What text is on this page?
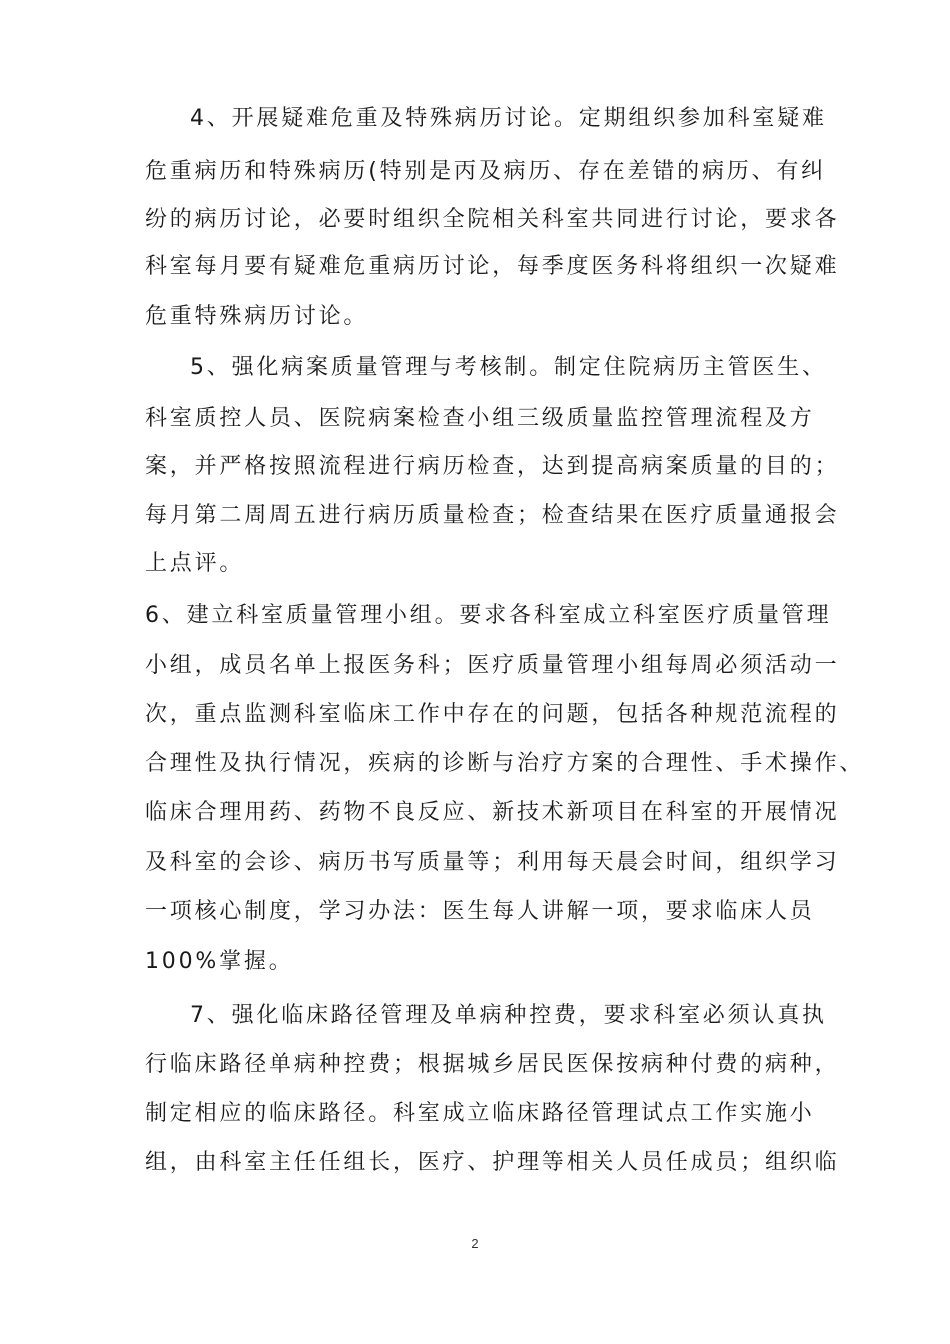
4、开展疑难危重及特殊病历讨论。定期组织参加科室疑难
危重病历和特殊病历(特别是丙及病历、存在差错的病历、有纠
纷的病历讨论，必要时组织全院相关科室共同进行讨论，要求各
科室每月要有疑难危重病历讨论，每季度医务科将组织一次疑难
危重特殊病历讨论。
5、强化病案质量管理与考核制。制定住院病历主管医生、
科室质控人员、医院病案检查小组三级质量监控管理流程及方
案，并严格按照流程进行病历检查，达到提高病案质量的目的；
每月第二周周五进行病历质量检查；检查结果在医疗质量通报会
上点评。
6、建立科室质量管理小组。要求各科室成立科室医疗质量管理
小组，成员名单上报医务科；医疗质量管理小组每周必须活动一
次，重点监测科室临床工作中存在的问题，包括各种规范流程的
合理性及执行情况，疾病的诊断与治疗方案的合理性、手术操作、
临床合理用药、药物不良反应、新技术新项目在科室的开展情况
及科室的会诊、病历书写质量等；利用每天晨会时间，组织学习
一项核心制度，学习办法：医生每人讲解一项，要求临床人员
100%掌握。
7、强化临床路径管理及单病种控费，要求科室必须认真执
行临床路径单病种控费；根据城乡居民医保按病种付费的病种，
制定相应的临床路径。科室成立临床路径管理试点工作实施小
组，由科室主任任组长，医疗、护理等相关人员任成员；组织临
2
